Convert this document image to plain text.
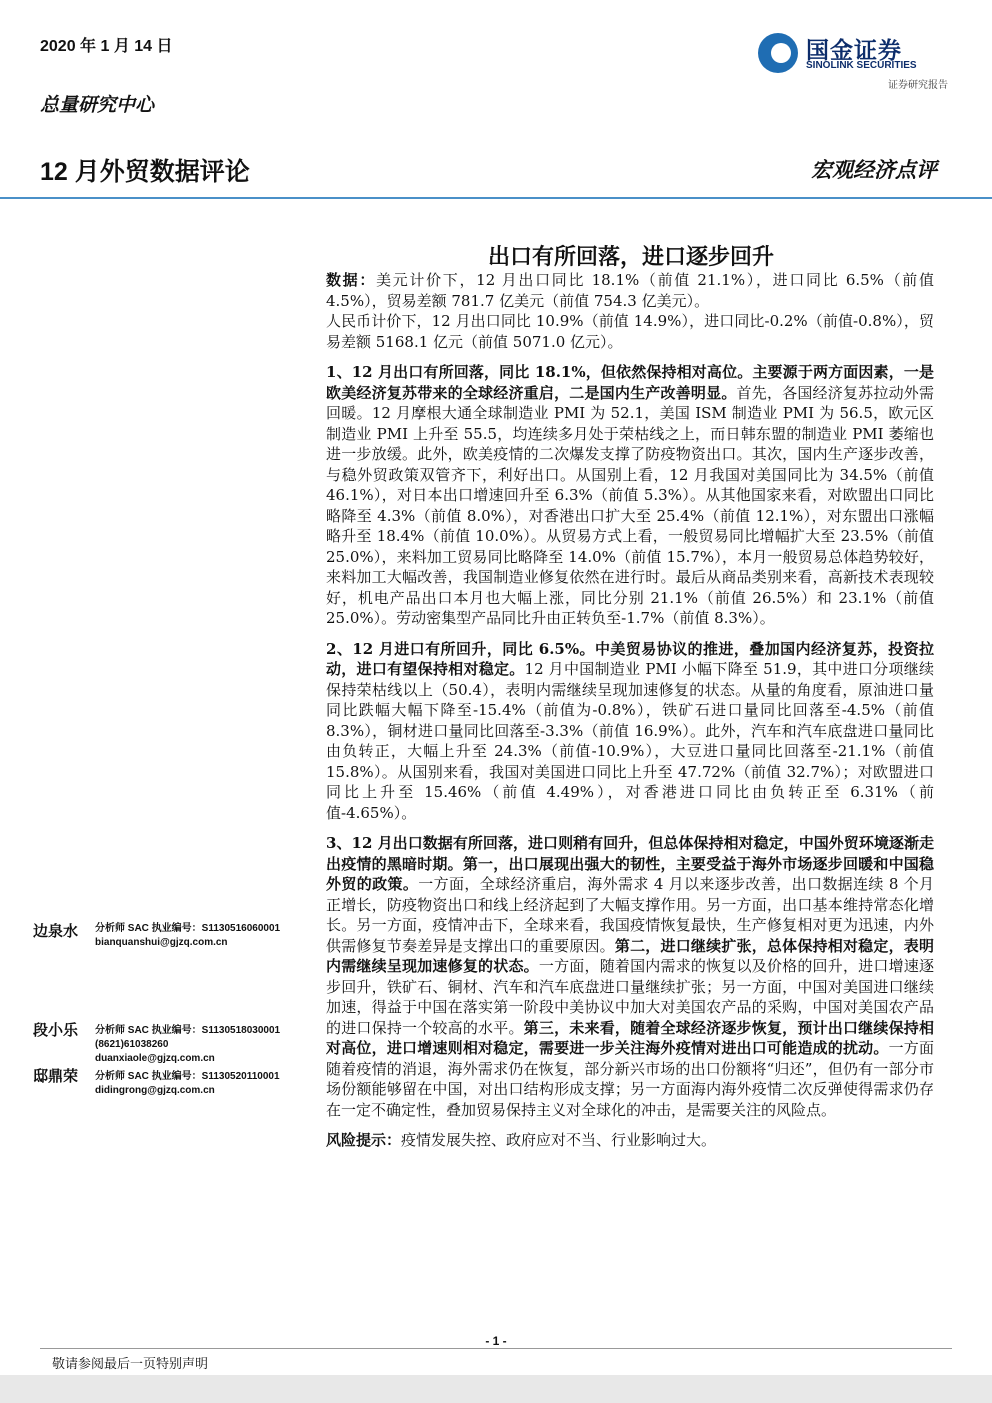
2020 年 1 月 14 日
总量研究中心
12 月外贸数据评论	宏观经济点评
国金证券
SINOLINK SECURITIES
证券研究报告
出口有所回落，进口逐步回升

数据：美元计价下，12 月出口同比 18.1%（前值 21.1%），进口同比 6.5%（前值 4.5%），贸易差额 781.7 亿美元（前值 754.3 亿美元）。

人民币计价下，12 月出口同比 10.9%（前值 14.9%），进口同比-0.2%（前值-0.8%），贸易差额 5168.1 亿元（前值 5071.0 亿元）。

1、12 月出口有所回落，同比 18.1%，但依然保持相对高位。主要源于两方面因素，一是欧美经济复苏带来的全球经济重启，二是国内生产改善明显。首先，各国经济复苏拉动外需回暖。12 月摩根大通全球制造业 PMI 为 52.1，美国 ISM 制造业 PMI 为 56.5，欧元区制造业 PMI 上升至 55.5，均连续多月处于荣枯线之上，而日韩东盟的制造业 PMI 萎缩也进一步放缓。此外，欧美疫情的二次爆发支撑了防疫物资出口。其次，国内生产逐步改善，与稳外贸政策双管齐下，利好出口。从国别上看，12 月我国对美国同比为 34.5%（前值 46.1%），对日本出口增速回升至 6.3%（前值 5.3%）。从其他国家来看，对欧盟出口同比略降至 4.3%（前值 8.0%），对香港出口扩大至 25.4%（前值 12.1%），对东盟出口涨幅略升至 18.4%（前值 10.0%）。从贸易方式上看，一般贸易同比增幅扩大至 23.5%（前值 25.0%），来料加工贸易同比略降至 14.0%（前值 15.7%），本月一般贸易总体趋势较好，来料加工大幅改善，我国制造业修复依然在进行时。最后从商品类别来看，高新技术表现较好，机电产品出口本月也大幅上涨，同比分别 21.1%（前值 26.5%）和 23.1%（前值 25.0%）。劳动密集型产品同比升由正转负至-1.7%（前值 8.3%）。

2、12 月进口有所回升，同比 6.5%。中美贸易协议的推进，叠加国内经济复苏，投资拉动，进口有望保持相对稳定。12 月中国制造业 PMI 小幅下降至 51.9，其中进口分项继续保持荣枯线以上（50.4），表明内需继续呈现加速修复的状态。从量的角度看，原油进口量同比跌幅大幅下降至-15.4%（前值为-0.8%），铁矿石进口量同比回落至-4.5%（前值 8.3%），铜材进口量同比回落至-3.3%（前值 16.9%）。此外，汽车和汽车底盘进口量同比由负转正，大幅上升至 24.3%（前值-10.9%），大豆进口量同比回落至-21.1%（前值 15.8%）。从国别来看，我国对美国进口同比上升至 47.72%（前值 32.7%）；对欧盟进口同比上升至 15.46%（前值 4.49%），对香港进口同比由负转正至 6.31%（前值-4.65%）。

3、12 月出口数据有所回落，进口则稍有回升，但总体保持相对稳定，中国外贸环境逐渐走出疫情的黑暗时期。第一，出口展现出强大的韧性，主要受益于海外市场逐步回暖和中国稳外贸的政策。一方面，全球经济重启，海外需求 4 月以来逐步改善，出口数据连续 8 个月正增长，防疫物资出口和线上经济起到了大幅支撑作用。另一方面，出口基本维持常态化增长。另一方面，疫情冲击下，全球来看，我国疫情恢复最快，生产修复相对更为迅速，内外供需修复节奏差异是支撑出口的重要原因。第二，进口继续扩张，总体保持相对稳定，表明内需继续呈现加速修复的状态。一方面，随着国内需求的恢复以及价格的回升，进口增速逐步回升，铁矿石、铜材、汽车和汽车底盘进口量继续扩张；另一方面，中国对美国进口继续加速，得益于中国在落实第一阶段中美协议中加大对美国农产品的采购，中国对美国农产品的进口保持一个较高的水平。第三，未来看，随着全球经济逐步恢复，预计出口继续保持相对高位，进口增速则相对稳定，需要进一步关注海外疫情对进出口可能造成的扰动。一方面随着疫情的消退，海外需求仍在恢复，部分新兴市场的出口份额将“归还”，但仍有一部分市场份额能够留在中国，对出口结构形成支撑；另一方面海内海外疫情二次反弹使得需求仍存在一定不确定性，叠加贸易保持主义对全球化的冲击，是需要关注的风险点。

风险提示：疫情发展失控、政府应对不当、行业影响过大。

边泉水 分析师 SAC 执业编号：S1130516060001
bianquanshui@gjzq.com.cn
段小乐 分析师 SAC 执业编号：S1130518030001
(8621)61038260
duanxiaole@gjzq.com.cn
邸鼎荣 分析师 SAC 执业编号：S1130520110001
didingrong@gjzq.com.cn
- 1 -
敬请参阅最后一页特别声明
